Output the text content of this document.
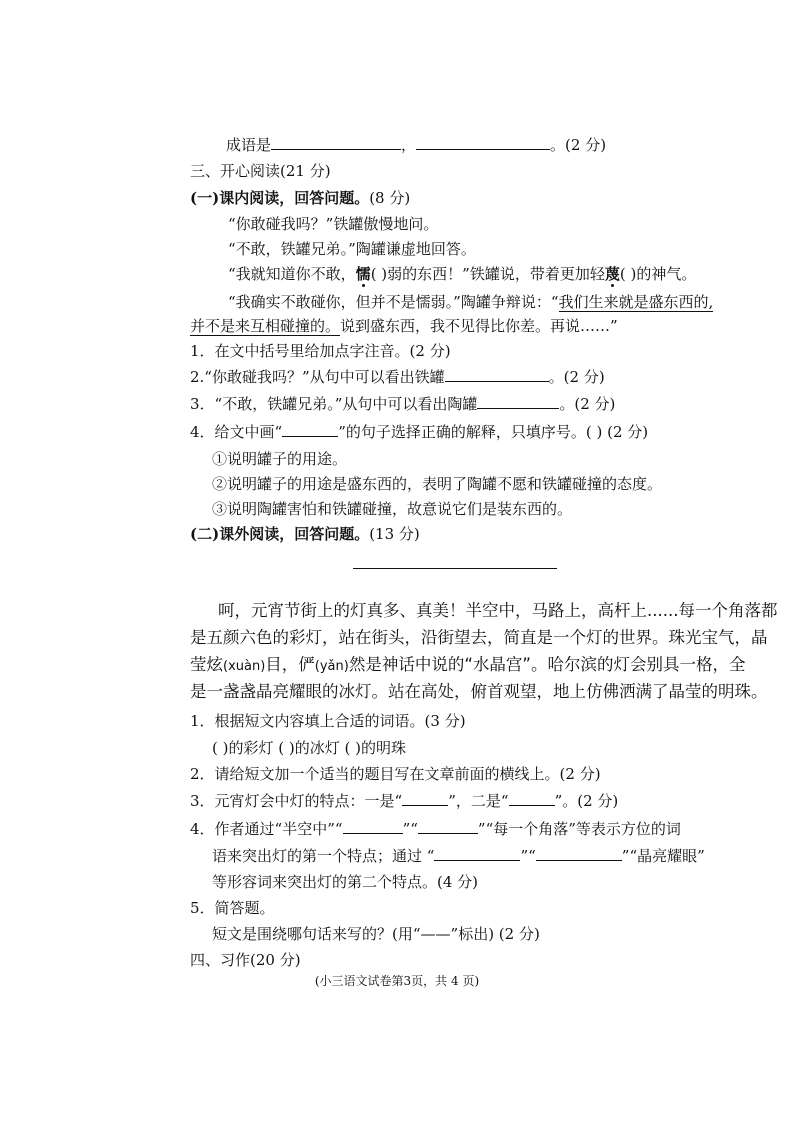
成语是	，	。(2 分)
三、开心阅读(21 分)
(一)课内阅读，回答问题。(8 分)
“你敢碰我吗？”铁罐傲慢地问。
“不敢，铁罐兄弟。”陶罐谦虚地回答。
“我就知道你不敢，懦( )弱的东西！”铁罐说，带着更加轻蔑( )的神气。
“我确实不敢碰你，但并不是懦弱。”陶罐争辩说：“我们生来就是盛东西的,
并不是来互相碰撞的。说到盛东西，我不见得比你差。再说……”
1．在文中括号里给加点字注音。(2 分)
2.“你敢碰我吗？”从句中可以看出铁罐	。(2 分)
3．“不敢，铁罐兄弟。”从句中可以看出陶罐	。(2 分)
4．给文中画“	”的句子选择正确的解释，只填序号。( ) (2 分)
①说明罐子的用途。
②说明罐子的用途是盛东西的，表明了陶罐不愿和铁罐碰撞的态度。
③说明陶罐害怕和铁罐碰撞，故意说它们是装东西的。
(二)课外阅读，回答问题。(13 分)
呵，元宵节街上的灯真多、真美！半空中，马路上，高杆上......每一个角落都
是五颜六色的彩灯，站在街头，沿街望去，简直是一个灯的世界。珠光宝气，晶
莹炫(xuàn)目，俨(yǎn)然是神话中说的“水晶宫”。哈尔滨的灯会别具一格，全
是一盏盏晶亮耀眼的冰灯。站在高处，俯首观望，地上仿佛洒满了晶莹的明珠。
1．根据短文内容填上合适的词语。(3 分)
( )的彩灯 ( )的冰灯 ( )的明珠
2．请给短文加一个适当的题目写在文章前面的横线上。(2 分)
3．元宵灯会中灯的特点：一是“	”，二是“	”。(2 分)
4．作者通过“半空中”“	”“	”“每一个角落”等表示方位的词
语来突出灯的第一个特点；通过 “	”“	”“晶亮耀眼”
等形容词来突出灯的第二个特点。(4 分)
5．简答题。
短文是围绕哪句话来写的？(用“——”标出) (2 分)
四、习作(20 分)
(小三语文试卷第3页，共 4 页)
